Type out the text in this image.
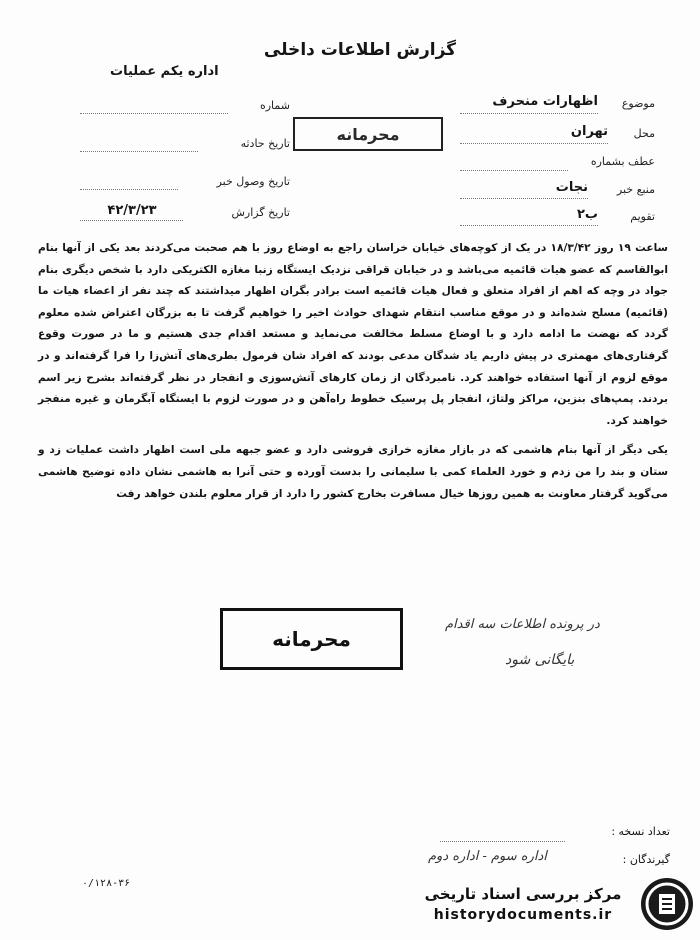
گزارش اطلاعات داخلی
اداره یکم عملیات
شماره
تاریخ حادثه
تاریخ وصول خبر
تاریخ گزارش
۴۲/۳/۲۳
موضوع
اظهارات منحرف
محل
تهران
عطف بشماره
منبع خبر
نجات
تقویم
ب۲
محرمانه

ساعت ۱۹ روز ۱۸/۳/۴۲ در یک از کوچه‌های خیابان خراسان راجع به اوضاع روز با هم صحبت می‌کردند بعد یکی از آنها بنام ابوالقاسم که عضو هیات قائمیه می‌باشد و در خیابان قراقی نزدیک ایستگاه زنبا مغازه الکتریکی دارد با شخص دیگری بنام جواد در وچه که اهم از افراد متعلق و فعال هیات قائمیه است برادر بگران اظهار میداشتند که چند نفر از اعضاء هیات ما (قائمیه) مسلح شده‌اند و در موقع مناسب انتقام شهدای حوادث اخیر را خواهیم گرفت تا به بزرگان اعتراض شده معلوم گردد که نهضت ما ادامه دارد و با اوضاع مسلط مخالفت می‌نماید و مستعد اقدام جدی هستیم و ما در صورت وقوع گرفتاری‌های مهمتری در پیش داریم یاد شدگان مدعی بودند که افراد شان فرمول بطری‌های آتش‌زا را فرا گرفته‌اند و در موقع لزوم از آنها استفاده خواهند کرد. نامبردگان از زمان کارهای آتش‌سوزی و انفجار در نظر گرفته‌اند بشرح زیر اسم بردند. پمپ‌های بنزین، مراکز ولتاژ، انفجار پل پرسیک خطوط راه‌آهن و در صورت لزوم با ایستگاه آبگرمان و غیره منفجر خواهند کرد.

یکی دیگر از آنها بنام هاشمی که در بازار مغازه خرازی فروشی دارد و عضو جبهه ملی است اظهار داشت عملیات زد و ستان و بند را من زدم و خورد العلماء کمی با سلیمانی را بدست آورده و حتی آنرا به هاشمی نشان داده توضیح هاشمی می‌گوید گرفتار معاونت به همین روزها خیال مسافرت بخارج کشور را دارد از قرار معلوم بلندن خواهد رفت

محرمانه
در پرونده اطلاعات سه اقدام
بایگانی شود
تعداد نسخه :
گیرندگان :
اداره سوم - اداره دوم
۰/۱۲۸-۳۶
مرکز بررسی اسناد تاریخی
historydocuments.ir
